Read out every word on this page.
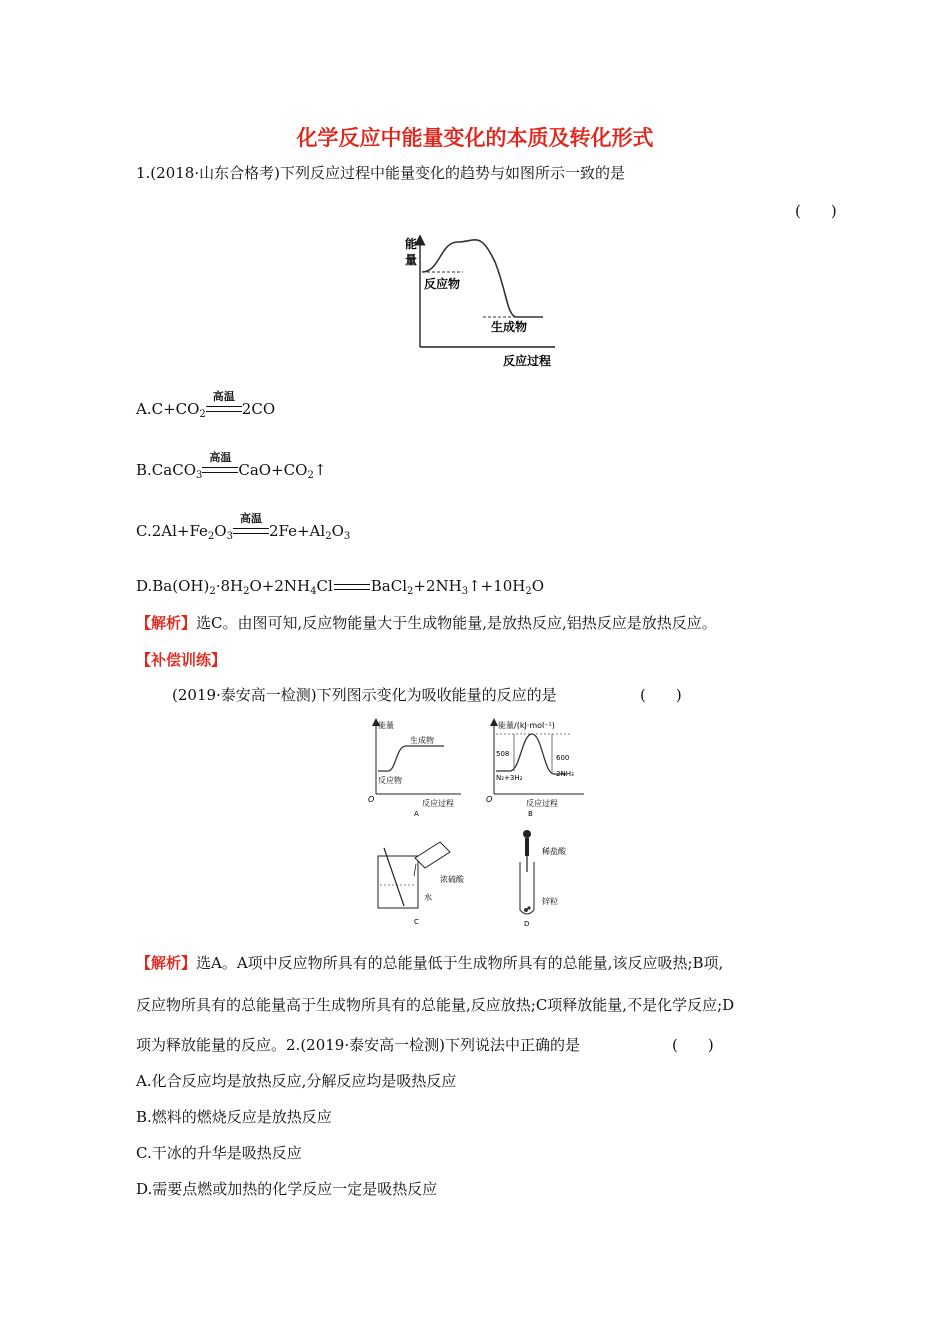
化学反应中能量变化的本质及转化形式
1.(2018·山东合格考)下列反应过程中能量变化的趋势与如图所示一致的是
(　　)
能
量
反应物
生成物
反应过程
$A.C+CO_2$
高温
2CO
B.CaCO$_3$
高温
$CaO+CO_2↑$
$C.2Al+Fe_2O_3$
高温
$2Fe+Al_2O_3$
$D.Ba(OH)_2\cdot 8H_2O+2NH_4Cl$	$BaCl_2+2NH_3↑+10H_2O$
【解析】选C。由图可知,反应物能量大于生成物能量,是放热反应,铝热反应是放热反应。
【补偿训练】
(2019·泰安高一检测)下列图示变化为吸收能量的反应的是	(　　)
能量
生成物
反应物
O	反应过程
A
能量/(kJ·mol⁻¹)
508	600
N₂+3H₂	2NH₃
O	反应过程
B
浓硫酸
水
C
稀盐酸
锌粒
D
【解析】选A。A项中反应物所具有的总能量低于生成物所具有的总能量,该反应吸热;B项,
反应物所具有的总能量高于生成物所具有的总能量,反应放热;C项释放能量,不是化学反应;D
项为释放能量的反应。2.(2019·泰安高一检测)下列说法中正确的是	(　　)
A.化合反应均是放热反应,分解反应均是吸热反应
B.燃料的燃烧反应是放热反应
C.干冰的升华是吸热反应
D.需要点燃或加热的化学反应一定是吸热反应
